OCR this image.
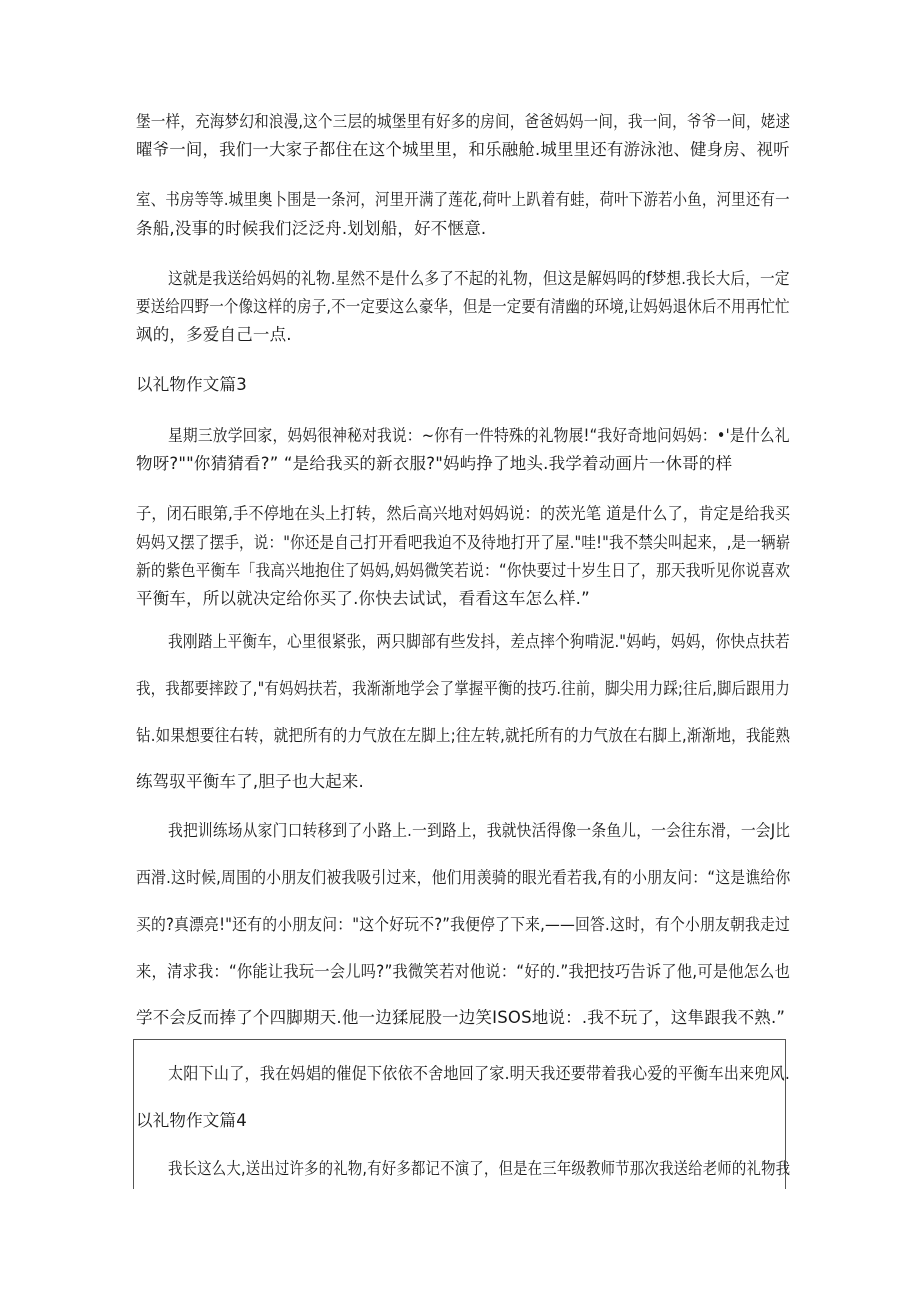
堡一样，充海梦幻和浪漫,这个三层的城堡里有好多的房间，爸爸妈妈一间，我一间，爷爷一间，姥逑

曜爷一间，我们一大家子都住在这个城里里，和乐融舱.城里里还有游泳池、健身房、视听

室、书房等等.城里奥卜围是一条河，河里开满了莲花,荷叶上趴着有蛙，荷叶下游若小鱼，河里还有一

条船,没事的时候我们泛泛舟.划划船，好不惬意.

这就是我送给妈妈的礼物.星然不是什么多了不起的礼物，但这是解妈吗的f梦想.我长大后，一定

要送给四野一个像这样的房子,不一定要这么豪华，但是一定要有清幽的环境,让妈妈退休后不用再忙忙

飒的，多爱自己一点.

以礼物作文篇3

星期三放学回家，妈妈很神秘对我说：~你有一件特殊的礼物展!“我好奇地问妈妈：•'是什么礼

物呀?""你猜猜看?” “是给我买的新衣服?"妈屿挣了地头.我学着动画片一休哥的样

子，闭石眼第,手不停地在头上打转，然后高兴地对妈妈说：的茨光笔 道是什么了，肯定是给我买

妈妈又摆了摆手，说："你还是自己打开看吧我迫不及待地打开了屋."哇!"我不禁尖叫起来，,是一辆崭

新的紫色平衡车「我高兴地抱住了妈妈,妈妈微笑若说：“你快要过十岁生日了，那天我听见你说喜欢

平衡车，所以就决定给你买了.你快去试试，看看这车怎么样.”

我刚踏上平衡车，心里很紧张，两只脚部有些发抖，差点摔个狗啃泥."妈屿，妈妈，你快点扶若

我，我都要摔跤了,"有妈妈扶若，我渐渐地学会了掌握平衡的技巧.往前，脚尖用力踩;往后,脚后跟用力

钻.如果想要往右转，就把所有的力气放在左脚上;往左转,就托所有的力气放在右脚上,渐渐地，我能熟

练驾驭平衡车了,胆子也大起来.

我把训练场从家门口转移到了小路上.一到路上，我就快活得像一条鱼儿，一会往东滑，一会J比

西滑.这时候,周围的小朋友们被我吸引过来，他们用羡骑的眼光看若我,有的小朋友问：“这是谯给你

买的?真漂亮!"还有的小朋友问："这个好玩不?”我便停了下来,——回答.这时，有个小朋友朝我走过

来，清求我：“你能让我玩一会儿吗?”我微笑若对他说：“好的.”我把技巧告诉了他,可是他怎么也

学不会反而捧了个四脚期天.他一边猱屁股一边笑ISOS地说：.我不玩了，这隼跟我不熟.”

太阳下山了，我在妈娼的催促下依依不舍地回了家.明天我还要带着我心爱的平衡车出来兜风.

以礼物作文篇4

我长这么大,送出过许多的礼物,有好多都记不演了，但是在三年级教师节那次我送给老师的礼物我
